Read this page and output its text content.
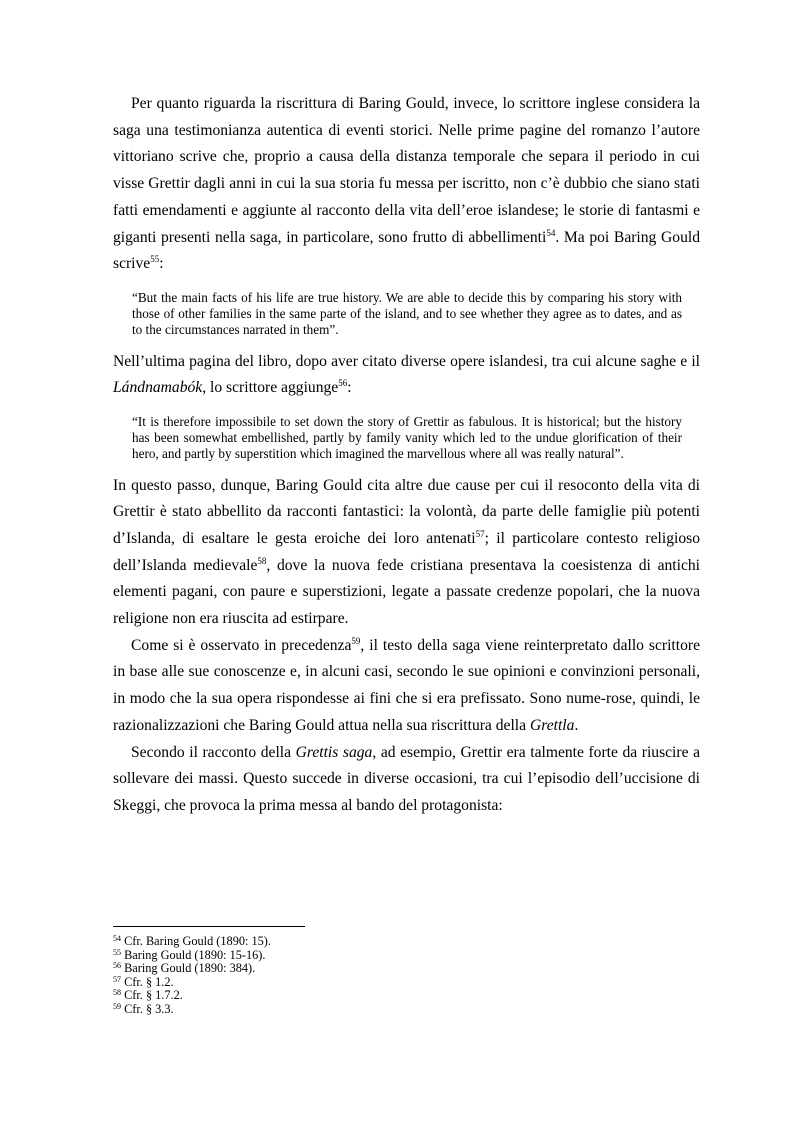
Per quanto riguarda la riscrittura di Baring Gould, invece, lo scrittore inglese considera la saga una testimonianza autentica di eventi storici. Nelle prime pagine del romanzo l’autore vittoriano scrive che, proprio a causa della distanza temporale che separa il periodo in cui visse Grettir dagli anni in cui la sua storia fu messa per iscritto, non c’è dubbio che siano stati fatti emendamenti e aggiunte al racconto della vita dell’eroe islandese; le storie di fantasmi e giganti presenti nella saga, in particolare, sono frutto di abbellimenti$^{54}$. Ma poi Baring Gould scrive$^{55}$:

“But the main facts of his life are true history. We are able to decide this by comparing his story with those of other families in the same parte of the island, and to see whether they agree as to dates, and as to the circumstances narrated in them”.

Nell’ultima pagina del libro, dopo aver citato diverse opere islandesi, tra cui alcune saghe e il Lándnamabók, lo scrittore aggiunge$^{56}$:

“It is therefore impossibile to set down the story of Grettir as fabulous. It is historical; but the history has been somewhat embellished, partly by family vanity which led to the undue glorification of their hero, and partly by superstition which imagined the marvellous where all was really natural”.

In questo passo, dunque, Baring Gould cita altre due cause per cui il resoconto della vita di Grettir è stato abbellito da racconti fantastici: la volontà, da parte delle famiglie più potenti d’Islanda, di esaltare le gesta eroiche dei loro antenati$^{57}$; il particolare contesto religioso dell’Islanda medievale$^{58}$, dove la nuova fede cristiana presentava la coesistenza di antichi elementi pagani, con paure e superstizioni, legate a passate credenze popolari, che la nuova religione non era riuscita ad estirpare.

Come si è osservato in precedenza$^{59}$, il testo della saga viene reinterpretato dallo scrittore in base alle sue conoscenze e, in alcuni casi, secondo le sue opinioni e convinzioni personali, in modo che la sua opera rispondesse ai fini che si era prefissato. Sono nume-rose, quindi, le razionalizzazioni che Baring Gould attua nella sua riscrittura della Grettla.

Secondo il racconto della Grettis saga, ad esempio, Grettir era talmente forte da riuscire a sollevare dei massi. Questo succede in diverse occasioni, tra cui l’episodio dell’uccisione di Skeggi, che provoca la prima messa al bando del protagonista:

$^{54}$ Cfr. Baring Gould (1890: 15).

$^{55}$ Baring Gould (1890: 15-16).

$^{56}$ Baring Gould (1890: 384).

$^{57}$ Cfr. § 1.2.

$^{58}$ Cfr. § 1.7.2.

$^{59}$ Cfr. § 3.3.
